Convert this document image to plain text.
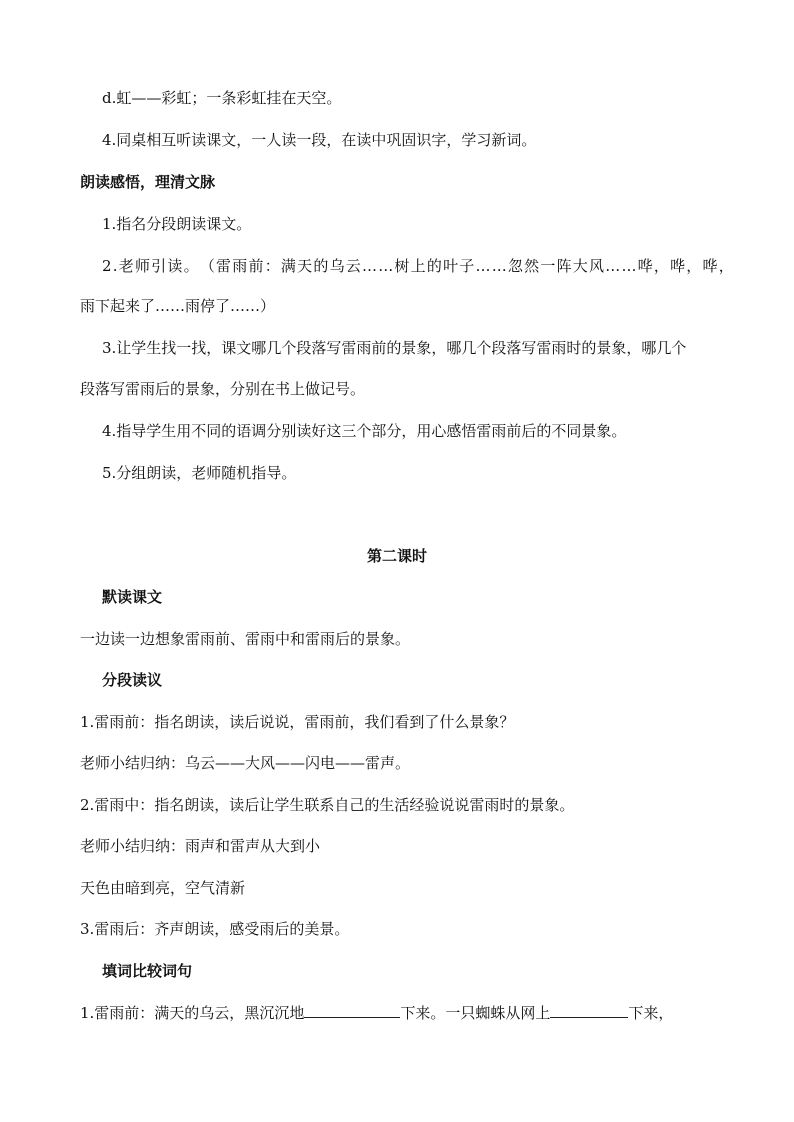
d.虹——彩虹；一条彩虹挂在天空。
4.同桌相互听读课文，一人读一段，在读中巩固识字，学习新词。
朗读感悟，理清文脉
1.指名分段朗读课文。
2 . 老 师 引 读 。 （ 雷 雨 前 ： 满 天 的 乌 云 … … 树 上 的 叶 子 … … 忽 然 一 阵 大 风 … … 哗 ， 哗 ， 哗 ，
雨下起来了……雨停了……）
3.让学生找一找，课文哪几个段落写雷雨前的景象，哪几个段落写雷雨时的景象，哪几个
段落写雷雨后的景象，分别在书上做记号。
4.指导学生用不同的语调分别读好这三个部分，用心感悟雷雨前后的不同景象。
5.分组朗读，老师随机指导。
第二课时
默读课文
一边读一边想象雷雨前、雷雨中和雷雨后的景象。
分段读议
1.雷雨前：指名朗读，读后说说，雷雨前，我们看到了什么景象？
老师小结归纳：乌云——大风——闪电——雷声。
2.雷雨中：指名朗读，读后让学生联系自己的生活经验说说雷雨时的景象。
老师小结归纳：雨声和雷声从大到小
天色由暗到亮，空气清新
3.雷雨后：齐声朗读，感受雨后的美景。
填词比较词句
1.雷雨前：满天的乌云，黑沉沉地	下来。一只蜘蛛从网上	下来，
